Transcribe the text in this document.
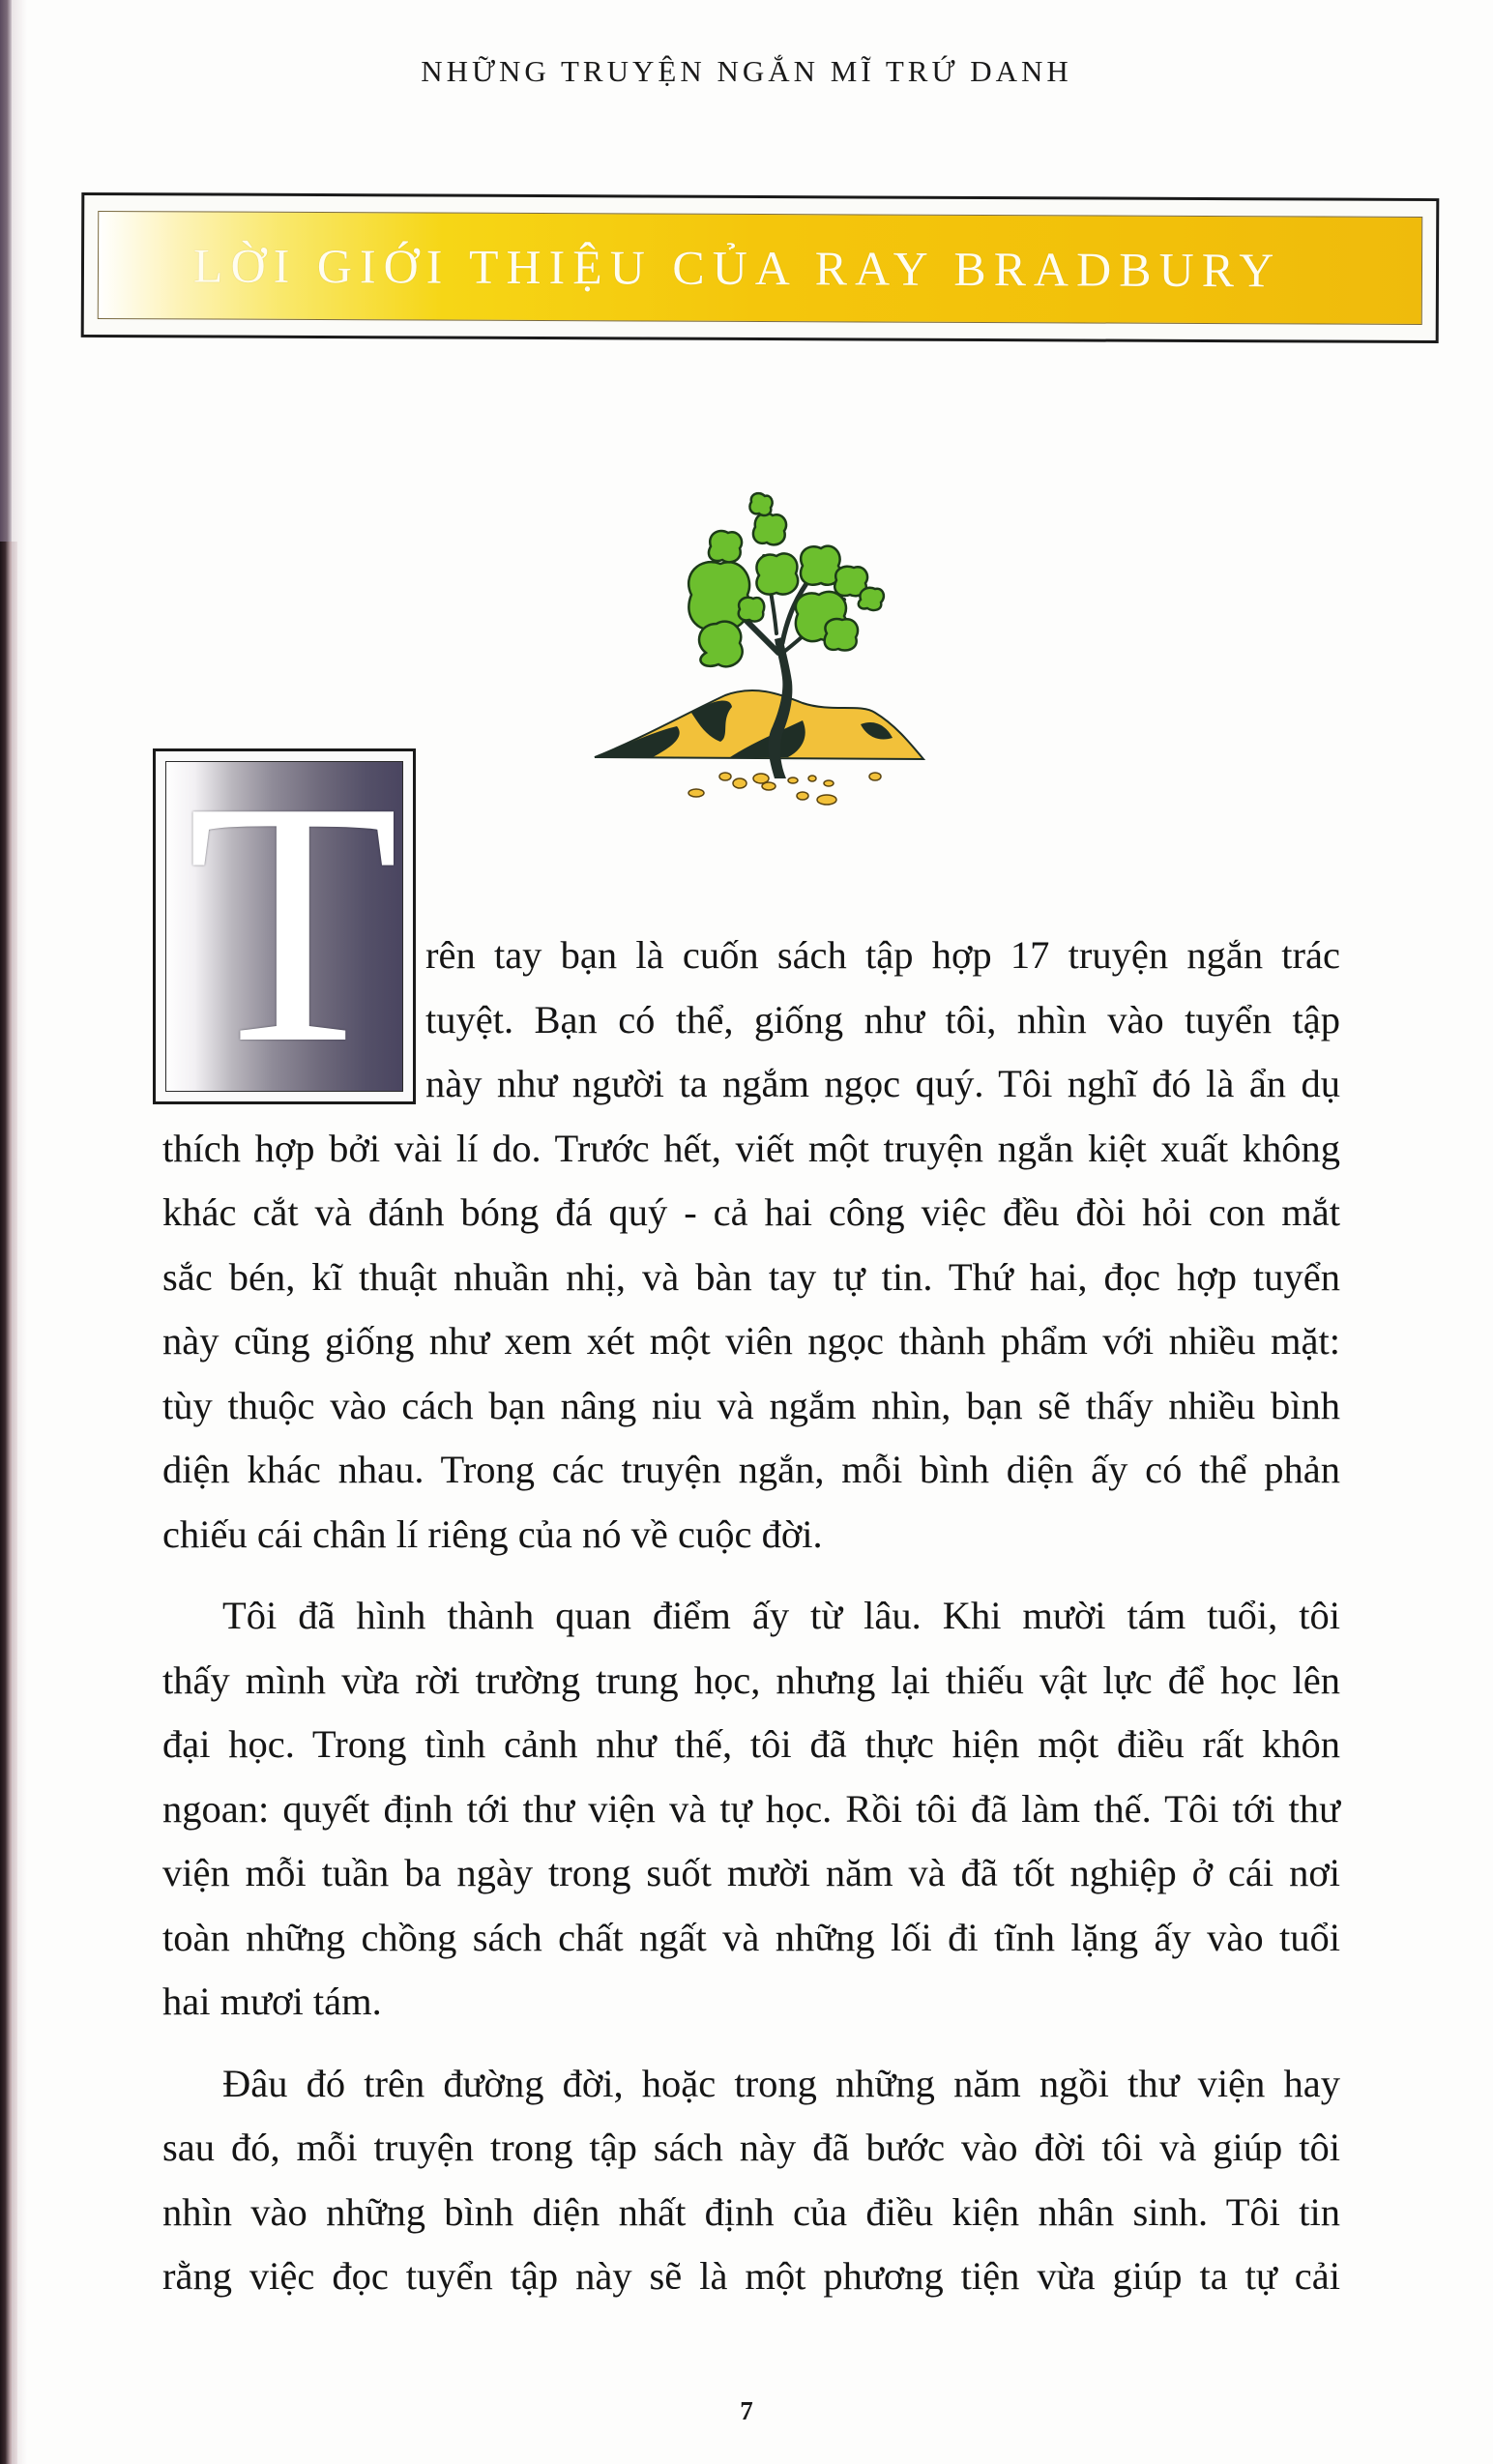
NHỮNG TRUYỆN NGẮN MĨ TRỨ DANH
LỜI GIỚI THIỆU CỦA RAY BRADBURY
T rên tay bạn là cuốn sách tập hợp 17 truyện ngắn trác
tuyệt. Bạn có thể, giống như tôi, nhìn vào tuyển tập
này như người ta ngắm ngọc quý. Tôi nghĩ đó là ẩn dụ
thích hợp bởi vài lí do. Trước hết, viết một truyện ngắn kiệt xuất không
khác cắt và đánh bóng đá quý - cả hai công việc đều đòi hỏi con mắt
sắc bén, kĩ thuật nhuần nhị, và bàn tay tự tin. Thứ hai, đọc hợp tuyển
này cũng giống như xem xét một viên ngọc thành phẩm với nhiều mặt:
tùy thuộc vào cách bạn nâng niu và ngắm nhìn, bạn sẽ thấy nhiều bình
diện khác nhau. Trong các truyện ngắn, mỗi bình diện ấy có thể phản
chiếu cái chân lí riêng của nó về cuộc đời.
Tôi đã hình thành quan điểm ấy từ lâu. Khi mười tám tuổi, tôi
thấy mình vừa rời trường trung học, nhưng lại thiếu vật lực để học lên
đại học. Trong tình cảnh như thế, tôi đã thực hiện một điều rất khôn
ngoan: quyết định tới thư viện và tự học. Rồi tôi đã làm thế. Tôi tới thư
viện mỗi tuần ba ngày trong suốt mười năm và đã tốt nghiệp ở cái nơi
toàn những chồng sách chất ngất và những lối đi tĩnh lặng ấy vào tuổi
hai mươi tám.
Đâu đó trên đường đời, hoặc trong những năm ngồi thư viện hay
sau đó, mỗi truyện trong tập sách này đã bước vào đời tôi và giúp tôi
nhìn vào những bình diện nhất định của điều kiện nhân sinh. Tôi tin
rằng việc đọc tuyển tập này sẽ là một phương tiện vừa giúp ta tự cải
7
